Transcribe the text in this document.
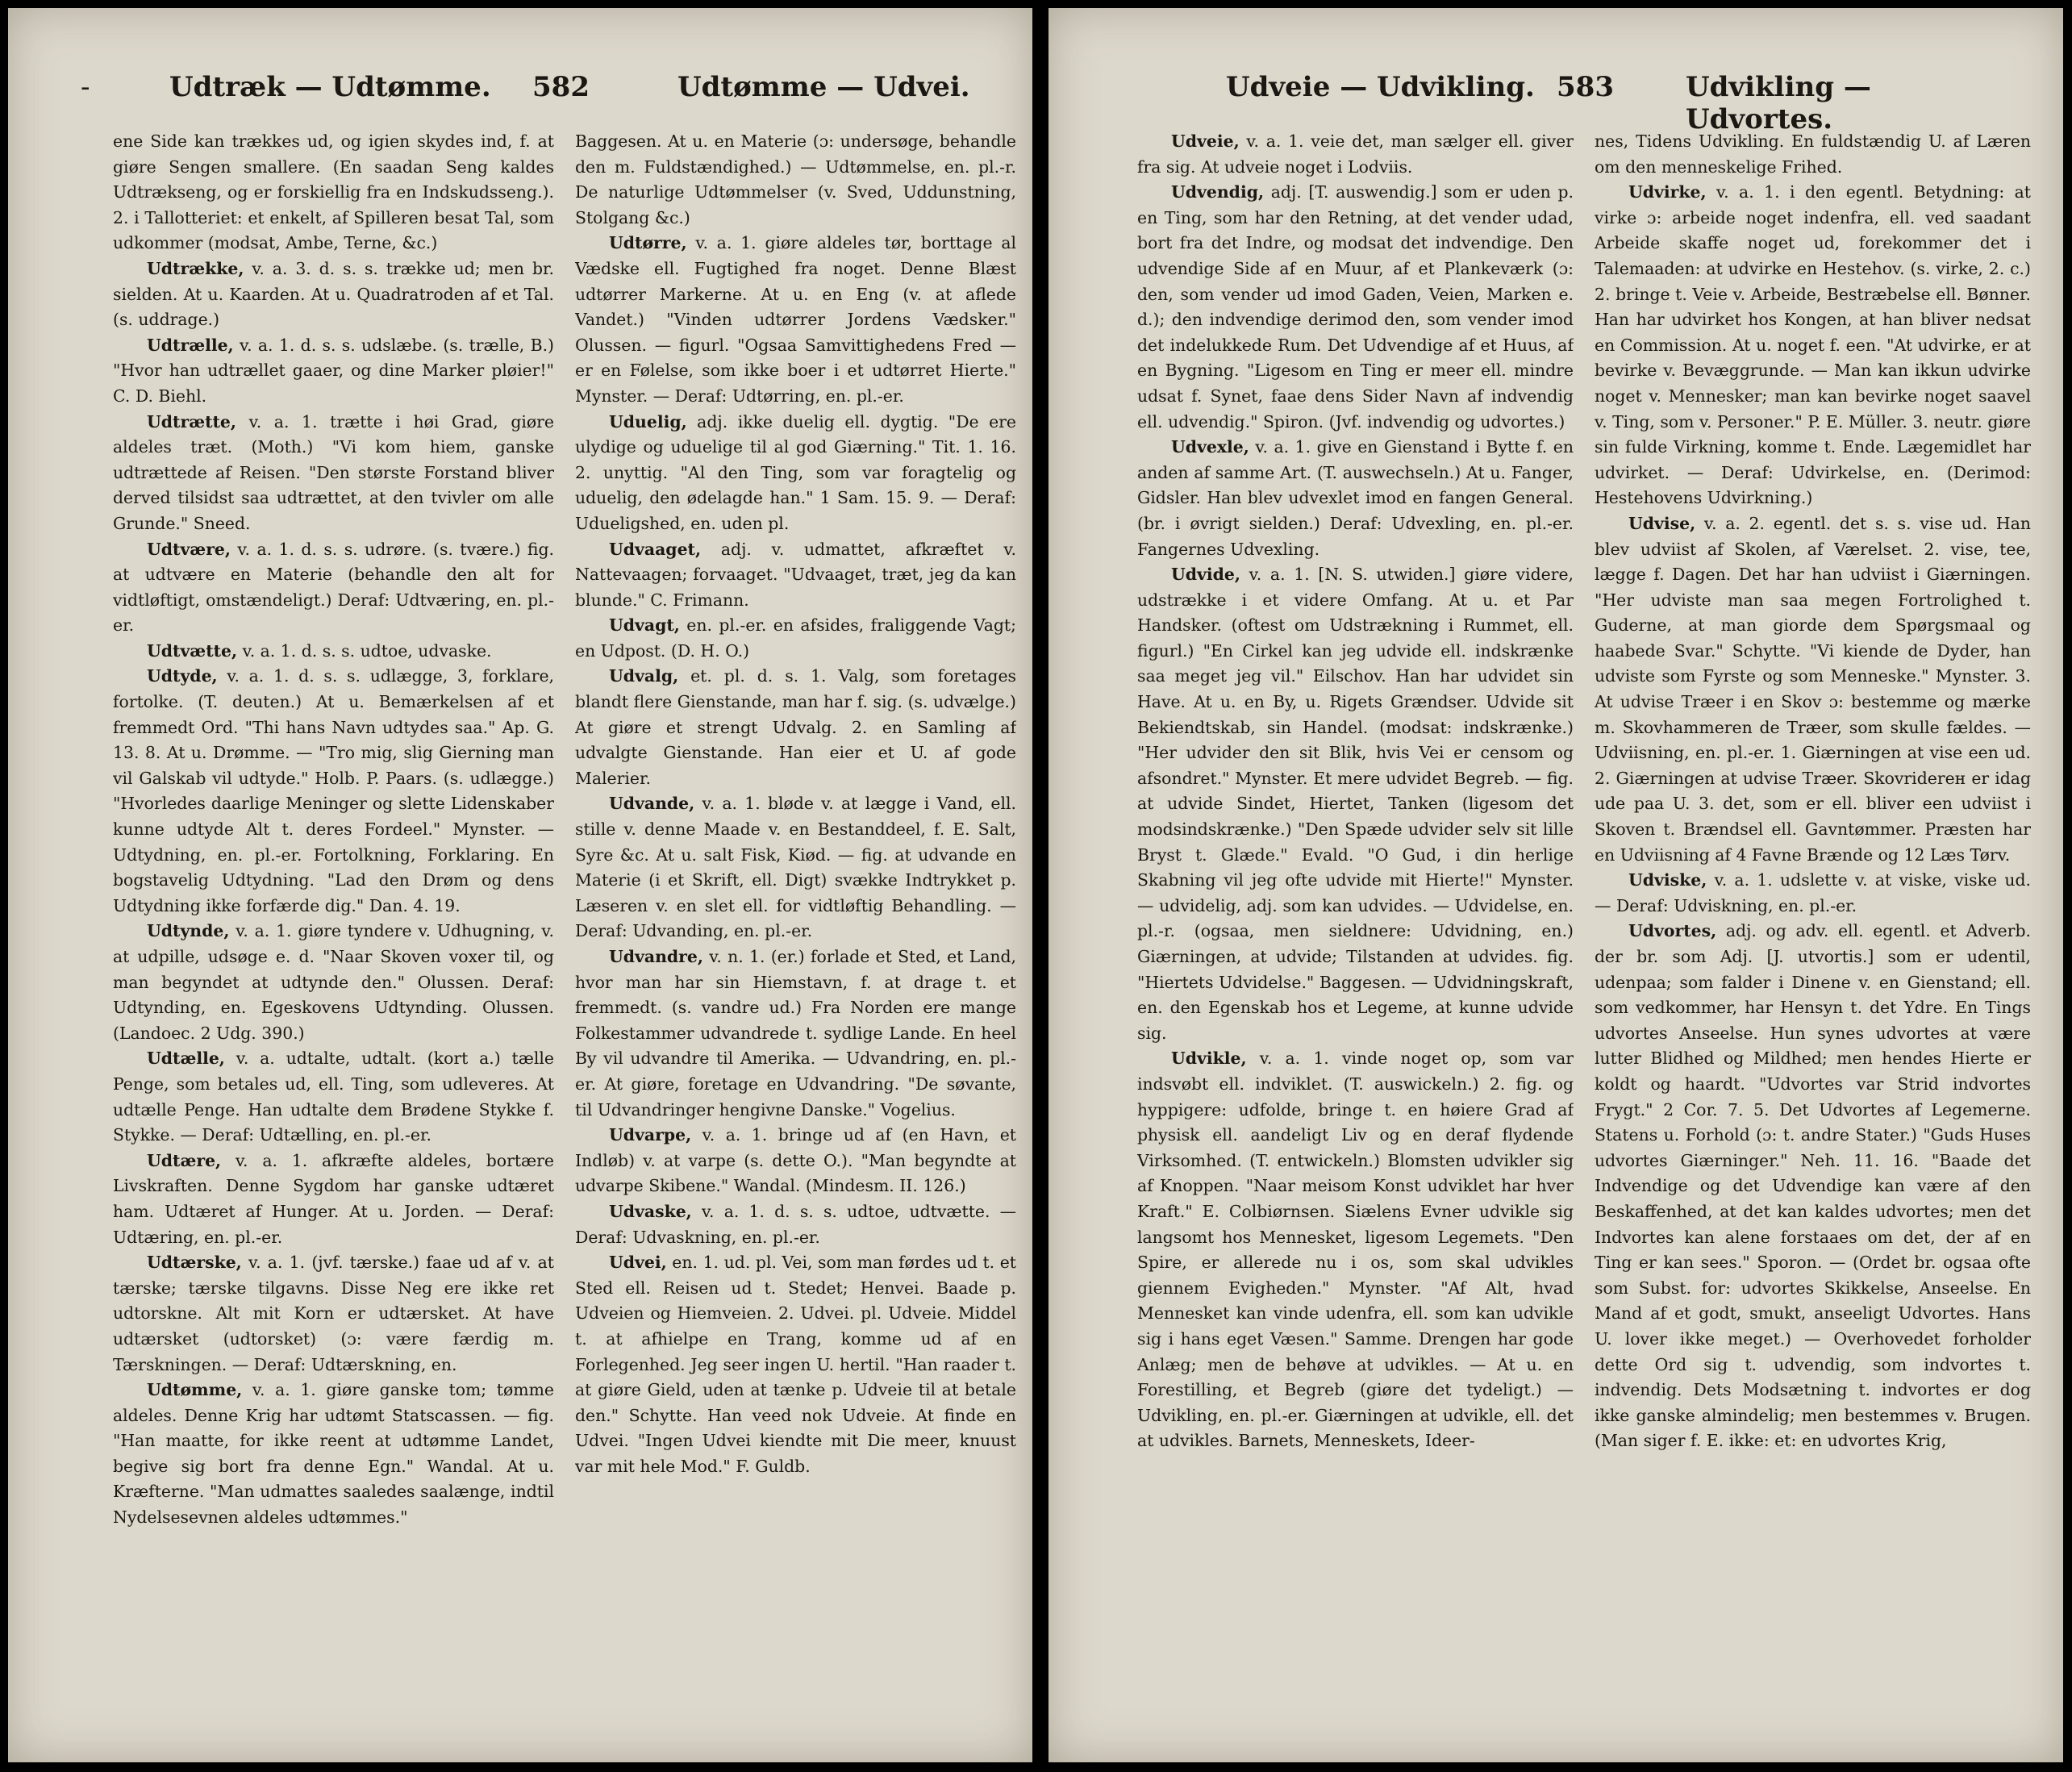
-	Udtræk — Udtømme. 582	Udtømme — Udvei.

ene Side kan trækkes ud, og igien skydes ind, f. at giøre Sengen smallere. (En saadan Seng kaldes Udtrækseng, og er forskiellig fra en Indskudsseng.). 2. i Tallotteriet: et enkelt, af Spilleren besat Tal, som udkommer (modsat, Ambe, Terne, &c.)

Udtrække, v. a. 3. d. s. s. trække ud; men br. sielden. At u. Kaarden. At u. Quadratroden af et Tal. (s. uddrage.)

Udtrælle, v. a. 1. d. s. s. udslæbe. (s. trælle, B.) "Hvor han udtrællet gaaer, og dine Marker pløier!" C. D. Biehl.

Udtrætte, v. a. 1. trætte i høi Grad, giøre aldeles træt. (Moth.) "Vi kom hiem, ganske udtrættede af Reisen. "Den største Forstand bliver derved tilsidst saa udtrættet, at den tvivler om alle Grunde." Sneed.

Udtvære, v. a. 1. d. s. s. udrøre. (s. tvære.) fig. at udtvære en Materie (behandle den alt for vidtløftigt, omstændeligt.) Deraf: Udtværing, en. pl.-er.

Udtvætte, v. a. 1. d. s. s. udtoe, udvaske.

Udtyde, v. a. 1. d. s. s. udlægge, 3, forklare, fortolke. (T. deuten.) At u. Bemærkelsen af et fremmedt Ord. "Thi hans Navn udtydes saa." Ap. G. 13. 8. At u. Drømme. — "Tro mig, slig Gierning man vil Galskab vil udtyde." Holb. P. Paars. (s. udlægge.) "Hvorledes daarlige Meninger og slette Lidenskaber kunne udtyde Alt t. deres Fordeel." Mynster. — Udtydning, en. pl.-er. Fortolkning, Forklaring. En bogstavelig Udtydning. "Lad den Drøm og dens Udtydning ikke forfærde dig." Dan. 4. 19.

Udtynde, v. a. 1. giøre tyndere v. Udhugning, v. at udpille, udsøge e. d. "Naar Skoven voxer til, og man begyndet at udtynde den." Olussen. Deraf: Udtynding, en. Egeskovens Udtynding. Olussen. (Landoec. 2 Udg. 390.)

Udtælle, v. a. udtalte, udtalt. (kort a.) tælle Penge, som betales ud, ell. Ting, som udleveres. At udtælle Penge. Han udtalte dem Brødene Stykke f. Stykke. — Deraf: Udtælling, en. pl.-er.

Udtære, v. a. 1. afkræfte aldeles, bortære Livskraften. Denne Sygdom har ganske udtæret ham. Udtæret af Hunger. At u. Jorden. — Deraf: Udtæring, en. pl.-er.

Udtærske, v. a. 1. (jvf. tærske.) faae ud af v. at tærske; tærske tilgavns. Disse Neg ere ikke ret udtorskne. Alt mit Korn er udtærsket. At have udtærsket (udtorsket) (ɔ: være færdig m. Tærskningen. — Deraf: Udtærskning, en.

Udtømme, v. a. 1. giøre ganske tom; tømme aldeles. Denne Krig har udtømt Statscassen. — fig. "Han maatte, for ikke reent at udtømme Landet, begive sig bort fra denne Egn." Wandal. At u. Kræfterne. "Man udmattes saaledes saalænge, indtil Nydelsesevnen aldeles udtømmes."

Baggesen. At u. en Materie (ɔ: undersøge, behandle den m. Fuldstændighed.) — Udtømmelse, en. pl.-r. De naturlige Udtømmelser (v. Sved, Uddunstning, Stolgang &c.)

Udtørre, v. a. 1. giøre aldeles tør, borttage al Vædske ell. Fugtighed fra noget. Denne Blæst udtørrer Markerne. At u. en Eng (v. at aflede Vandet.) "Vinden udtørrer Jordens Vædsker." Olussen. — figurl. "Ogsaa Samvittighedens Fred — er en Følelse, som ikke boer i et udtørret Hierte." Mynster. — Deraf: Udtørring, en. pl.-er.

Uduelig, adj. ikke duelig ell. dygtig. "De ere ulydige og uduelige til al god Giærning." Tit. 1. 16. 2. unyttig. "Al den Ting, som var foragtelig og uduelig, den ødelagde han." 1 Sam. 15. 9. — Deraf: Udueligshed, en. uden pl.

Udvaaget, adj. v. udmattet, afkræftet v. Nattevaagen; forvaaget. "Udvaaget, træt, jeg da kan blunde." C. Frimann.

Udvagt, en. pl.-er. en afsides, fraliggende Vagt; en Udpost. (D. H. O.)

Udvalg, et. pl. d. s. 1. Valg, som foretages blandt flere Gienstande, man har f. sig. (s. udvælge.) At giøre et strengt Udvalg. 2. en Samling af udvalgte Gienstande. Han eier et U. af gode Malerier.

Udvande, v. a. 1. bløde v. at lægge i Vand, ell. stille v. denne Maade v. en Bestanddeel, f. E. Salt, Syre &c. At u. salt Fisk, Kiød. — fig. at udvande en Materie (i et Skrift, ell. Digt) svække Indtrykket p. Læseren v. en slet ell. for vidtløftig Behandling. — Deraf: Udvanding, en. pl.-er.

Udvandre, v. n. 1. (er.) forlade et Sted, et Land, hvor man har sin Hiemstavn, f. at drage t. et fremmedt. (s. vandre ud.) Fra Norden ere mange Folkestammer udvandrede t. sydlige Lande. En heel By vil udvandre til Amerika. — Udvandring, en. pl.-er. At giøre, foretage en Udvandring. "De søvante, til Udvandringer hengivne Danske." Vogelius.

Udvarpe, v. a. 1. bringe ud af (en Havn, et Indløb) v. at varpe (s. dette O.). "Man begyndte at udvarpe Skibene." Wandal. (Mindesm. II. 126.)

Udvaske, v. a. 1. d. s. s. udtoe, udtvætte. — Deraf: Udvaskning, en. pl.-er.

Udvei, en. 1. ud. pl. Vei, som man førdes ud t. et Sted ell. Reisen ud t. Stedet; Henvei. Baade p. Udveien og Hiemveien. 2. Udvei. pl. Udveie. Middel t. at afhielpe en Trang, komme ud af en Forlegenhed. Jeg seer ingen U. hertil. "Han raader t. at giøre Gield, uden at tænke p. Udveie til at betale den." Schytte. Han veed nok Udveie. At finde en Udvei. "Ingen Udvei kiendte mit Die meer, knuust var mit hele Mod." F. Guldb.

Udveie — Udvikling. 583	Udvikling — Udvortes.

Udveie, v. a. 1. veie det, man sælger ell. giver fra sig. At udveie noget i Lodviis.

Udvendig, adj. [T. auswendig.] som er uden p. en Ting, som har den Retning, at det vender udad, bort fra det Indre, og modsat det indvendige. Den udvendige Side af en Muur, af et Plankeværk (ɔ: den, som vender ud imod Gaden, Veien, Marken e. d.); den indvendige derimod den, som vender imod det indelukkede Rum. Det Udvendige af et Huus, af en Bygning. "Ligesom en Ting er meer ell. mindre udsat f. Synet, faae dens Sider Navn af indvendig ell. udvendig." Spiron. (Jvf. indvendig og udvortes.)

Udvexle, v. a. 1. give en Gienstand i Bytte f. en anden af samme Art. (T. auswechseln.) At u. Fanger, Gidsler. Han blev udvexlet imod en fangen General. (br. i øvrigt sielden.) Deraf: Udvexling, en. pl.-er. Fangernes Udvexling.

Udvide, v. a. 1. [N. S. utwiden.] giøre videre, udstrække i et videre Omfang. At u. et Par Handsker. (oftest om Udstrækning i Rummet, ell. figurl.) "En Cirkel kan jeg udvide ell. indskrænke saa meget jeg vil." Eilschov. Han har udvidet sin Have. At u. en By, u. Rigets Grændser. Udvide sit Bekiendtskab, sin Handel. (modsat: indskrænke.) "Her udvider den sit Blik, hvis Vei er censom og afsondret." Mynster. Et mere udvidet Begreb. — fig. at udvide Sindet, Hiertet, Tanken (ligesom det modsindskrænke.) "Den Spæde udvider selv sit lille Bryst t. Glæde." Evald. "O Gud, i din herlige Skabning vil jeg ofte udvide mit Hierte!" Mynster. — udvidelig, adj. som kan udvides. — Udvidelse, en. pl.-r. (ogsaa, men sieldnere: Udvidning, en.) Giærningen, at udvide; Tilstanden at udvides. fig. "Hiertets Udvidelse." Baggesen. — Udvidningskraft, en. den Egenskab hos et Legeme, at kunne udvide sig.

Udvikle, v. a. 1. vinde noget op, som var indsvøbt ell. indviklet. (T. auswickeln.) 2. fig. og hyppigere: udfolde, bringe t. en høiere Grad af physisk ell. aandeligt Liv og en deraf flydende Virksomhed. (T. entwickeln.) Blomsten udvikler sig af Knoppen. "Naar meisom Konst udviklet har hver Kraft." E. Colbiørnsen. Siælens Evner udvikle sig langsomt hos Mennesket, ligesom Legemets. "Den Spire, er allerede nu i os, som skal udvikles giennem Evigheden." Mynster. "Af Alt, hvad Mennesket kan vinde udenfra, ell. som kan udvikle sig i hans eget Væsen." Samme. Drengen har gode Anlæg; men de behøve at udvikles. — At u. en Forestilling, et Begreb (giøre det tydeligt.) — Udvikling, en. pl.-er. Giærningen at udvikle, ell. det at udvikles. Barnets, Menneskets, Ideer-

nes, Tidens Udvikling. En fuldstændig U. af Læren om den menneskelige Frihed.

Udvirke, v. a. 1. i den egentl. Betydning: at virke ɔ: arbeide noget indenfra, ell. ved saadant Arbeide skaffe noget ud, forekommer det i Talemaaden: at udvirke en Hestehov. (s. virke, 2. c.) 2. bringe t. Veie v. Arbeide, Bestræbelse ell. Bønner. Han har udvirket hos Kongen, at han bliver nedsat en Commission. At u. noget f. een. "At udvirke, er at bevirke v. Bevæggrunde. — Man kan ikkun udvirke noget v. Mennesker; man kan bevirke noget saavel v. Ting, som v. Personer." P. E. Müller. 3. neutr. giøre sin fulde Virkning, komme t. Ende. Lægemidlet har udvirket. — Deraf: Udvirkelse, en. (Derimod: Hestehovens Udvirkning.)

Udvise, v. a. 2. egentl. det s. s. vise ud. Han blev udviist af Skolen, af Værelset. 2. vise, tee, lægge f. Dagen. Det har han udviist i Giærningen. "Her udviste man saa megen Fortrolighed t. Guderne, at man giorde dem Spørgsmaal og haabede Svar." Schytte. "Vi kiende de Dyder, han udviste som Fyrste og som Menneske." Mynster. 3. At udvise Træer i en Skov ɔ: bestemme og mærke m. Skovhammeren de Træer, som skulle fældes. — Udviisning, en. pl.-er. 1. Giærningen at vise een ud. 2. Giærningen at udvise Træer. Skovriderен er idag ude paa U. 3. det, som er ell. bliver een udviist i Skoven t. Brændsel ell. Gavntømmer. Præsten har en Udviisning af 4 Favne Brænde og 12 Læs Tørv.

Udviske, v. a. 1. udslette v. at viske, viske ud. — Deraf: Udviskning, en. pl.-er.

Udvortes, adj. og adv. ell. egentl. et Adverb. der br. som Adj. [J. utvortis.] som er udentil, udenpaa; som falder i Dinene v. en Gienstand; ell. som vedkommer, har Hensyn t. det Ydre. En Tings udvortes Anseelse. Hun synes udvortes at være lutter Blidhed og Mildhed; men hendes Hierte er koldt og haardt. "Udvortes var Strid indvortes Frygt." 2 Cor. 7. 5. Det Udvortes af Legemerne. Statens u. Forhold (ɔ: t. andre Stater.) "Guds Huses udvortes Giærninger." Neh. 11. 16. "Baade det Indvendige og det Udvendige kan være af den Beskaffenhed, at det kan kaldes udvortes; men det Indvortes kan alene forstaaes om det, der af en Ting er kan sees." Sporon. — (Ordet br. ogsaa ofte som Subst. for: udvortes Skikkelse, Anseelse. En Mand af et godt, smukt, anseeligt Udvortes. Hans U. lover ikke meget.) — Overhovedet forholder dette Ord sig t. udvendig, som indvortes t. indvendig. Dets Modsætning t. indvortes er dog ikke ganske almindelig; men bestemmes v. Brugen. (Man siger f. E. ikke: et: en udvortes Krig,
